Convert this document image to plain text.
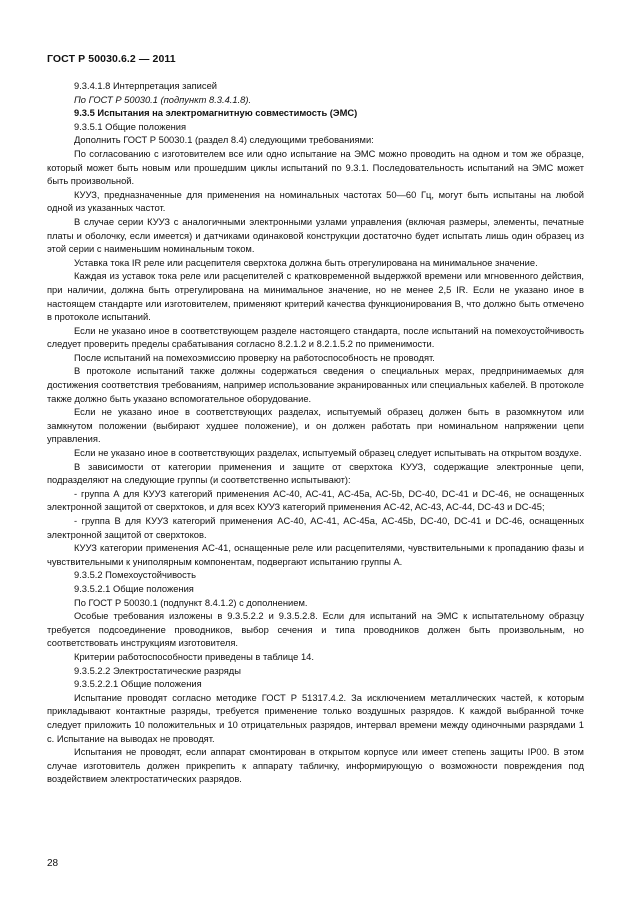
ГОСТ Р 50030.6.2 — 2011

9.3.4.1.8 Интерпретация записей

По ГОСТ Р 50030.1 (подпункт 8.3.4.1.8).

9.3.5 Испытания на электромагнитную совместимость (ЭМС)

9.3.5.1 Общие положения

Дополнить ГОСТ Р 50030.1 (раздел 8.4) следующими требованиями:

По согласованию с изготовителем все или одно испытание на ЭМС можно проводить на одном и том же образце, который может быть новым или прошедшим циклы испытаний по 9.3.1. Последовательность испытаний на ЭМС может быть произвольной.

КУУЗ, предназначенные для применения на номинальных частотах 50—60 Гц, могут быть испытаны на любой одной из указанных частот.

В случае серии КУУЗ с аналогичными электронными узлами управления (включая размеры, элементы, печатные платы и оболочку, если имеется) и датчиками одинаковой конструкции достаточно будет испытать лишь один образец из этой серии с наименьшим номинальным током.

Уставка тока IR реле или расцепителя сверхтока должна быть отрегулирована на минимальное значение.

Каждая из уставок тока реле или расцепителей с кратковременной выдержкой времени или мгновенного действия, при наличии, должна быть отрегулирована на минимальное значение, но не менее 2,5 IR. Если не указано иное в настоящем стандарте или изготовителем, применяют критерий качества функционирования В, что должно быть отмечено в протоколе испытаний.

Если не указано иное в соответствующем разделе настоящего стандарта, после испытаний на помехоустойчивость следует проверить пределы срабатывания согласно 8.2.1.2 и 8.2.1.5.2 по применимости.

После испытаний на помехоэмиссию проверку на работоспособность не проводят.

В протоколе испытаний также должны содержаться сведения о специальных мерах, предпринимаемых для достижения соответствия требованиям, например использование экранированных или специальных кабелей. В протоколе также должно быть указано вспомогательное оборудование.

Если не указано иное в соответствующих разделах, испытуемый образец должен быть в разомкнутом или замкнутом положении (выбирают худшее положение), и он должен работать при номинальном напряжении цепи управления.

Если не указано иное в соответствующих разделах, испытуемый образец следует испытывать на открытом воздухе.

В зависимости от категории применения и защите от сверхтока КУУЗ, содержащие электронные цепи, подразделяют на следующие группы (и соответственно испытывают):

- группа А для КУУЗ категорий применения AC-40, AC-41, AC-45a, AC-5b, DC-40, DC-41 и DC-46, не оснащенных электронной защитой от сверхтоков, и для всех КУУЗ категорий применения AC-42, AC-43, AC-44, DC-43 и DC-45;

- группа В для КУУЗ категорий применения AC-40, AC-41, AC-45a, AC-45b, DC-40, DC-41 и DC-46, оснащенных электронной защитой от сверхтоков.

КУУЗ категории применения AC-41, оснащенные реле или расцепителями, чувствительными к пропаданию фазы и чувствительными к униполярным компонентам, подвергают испытанию группы А.

9.3.5.2 Помехоустойчивость

9.3.5.2.1 Общие положения

По ГОСТ Р 50030.1 (подпункт 8.4.1.2) с дополнением.

Особые требования изложены в 9.3.5.2.2 и 9.3.5.2.8. Если для испытаний на ЭМС к испытательному образцу требуется подсоединение проводников, выбор сечения и типа проводников должен быть произвольным, но соответствовать инструкциям изготовителя.

Критерии работоспособности приведены в таблице 14.

9.3.5.2.2 Электростатические разряды

9.3.5.2.2.1 Общие положения

Испытание проводят согласно методике ГОСТ Р 51317.4.2. За исключением металлических частей, к которым прикладывают контактные разряды, требуется применение только воздушных разрядов. К каждой выбранной точке следует приложить 10 положительных и 10 отрицательных разрядов, интервал времени между одиночными разрядами 1 с. Испытание на выводах не проводят.

Испытания не проводят, если аппарат смонтирован в открытом корпусе или имеет степень защиты IP00. В этом случае изготовитель должен прикрепить к аппарату табличку, информирующую о возможности повреждения под воздействием электростатических разрядов.

28
